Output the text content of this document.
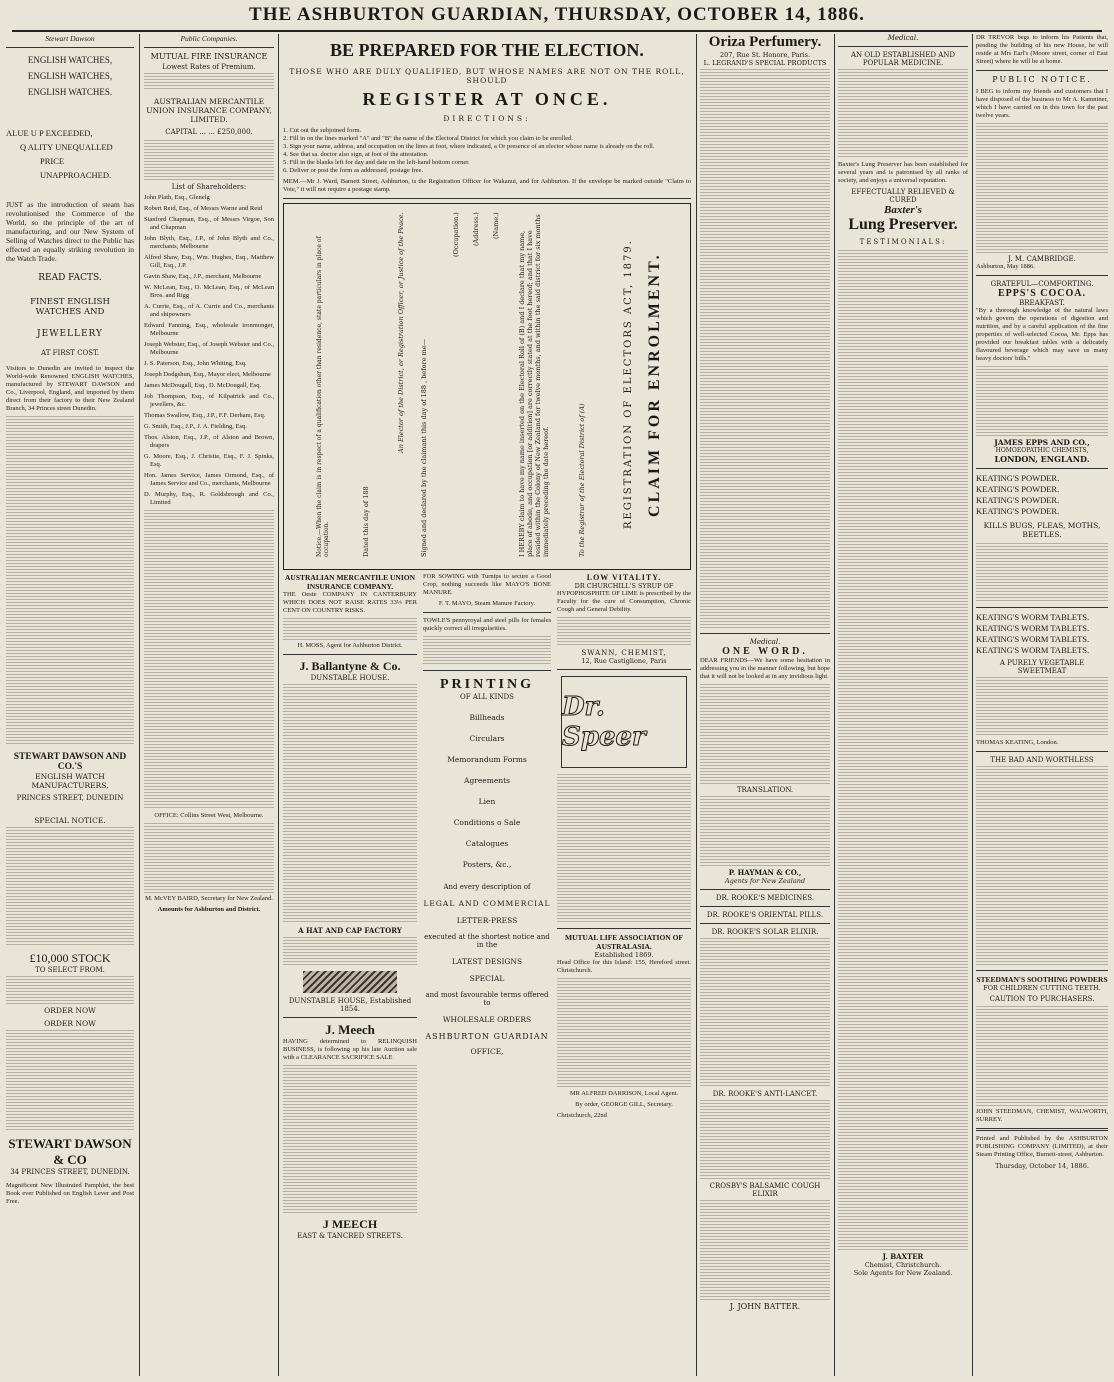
THE ASHBURTON GUARDIAN, THURSDAY, OCTOBER 14, 1886.
Stewart Dawson
ENGLISH WATCHES,
ENGLISH WATCHES,
ENGLISH WATCHES.
ALUE U P EXCEEDED,
Q ALITY UNEQUALLED
PRICE UNAPPROACHED.

JUST as the introduction of steam has revolutionised the Commerce of the World, so the principle of the art of manufacturing, and our New System of Selling of Watches direct to the Public has effected an equally striking revolution in the Watch Trade.

READ FACTS.
FINEST ENGLISH WATCHES AND
JEWELLERY
AT FIRST COST.

Visitors to Dunedin are invited to inspect the World-wide Renowned ENGLISH WATCHES, manufactured by STEWART DAWSON and Co., Liverpool, England, and imported by them direct from their factory to their New Zealand Branch, 34 Princes street Dunedin.

STEWART DAWSON AND CO.'S
ENGLISH WATCH MANUFACTURERS,
PRINCES STREET, DUNEDIN
SPECIAL NOTICE.
£10,000 STOCK
TO SELECT FROM.
ORDER NOW
ORDER NOW
STEWART DAWSON & CO
34 PRINCES STREET, DUNEDIN.

Magnificent New Illustrated Pamphlet, the best Book ever Published on English Lever and Post Free.

Public Companies.
MUTUAL FIRE INSURANCE
Lowest Rates of Premium.
AUSTRALIAN MERCANTILE UNION INSURANCE COMPANY, LIMITED.
CAPITAL ... ... £250,000.
List of Shareholders:
John Plath, Esq., Glenelg
Robert Reid, Esq., of Messrs Warne and Reid
Stanford Chapman, Esq., of Messrs Virgoe, Son and Chapman
John Blyth, Esq., J.P., of John Blyth and Co., merchants, Melbourne
Alfred Shaw, Esq., Wm. Hughes, Esq., Matthew Gill, Esq., J.P.
Gavin Shaw, Esq., J.P., merchant, Melbourne
W. McLean, Esq., O. McLean, Esq., of McLean Bros. and Rigg
A. Currie, Esq., of A. Currie and Co., merchants and shipowners
Edward Fanning, Esq., wholesale ironmonger, Melbourne
Joseph Webster, Esq., of Joseph Webster and Co., Melbourne
J. S. Paterson, Esq., John Whiting, Esq.
Joseph Dodgshun, Esq., Mayor elect, Melbourne
James McDougall, Esq., D. McDougall, Esq.
Job Thompson, Esq., of Kilpatrick and Co., jewellers, &c.
Thomas Swallow, Esq., J.P., F.F. Derham, Esq.
G. Smith, Esq., J.P., J. A. Fielding, Esq.
Thos. Alston, Esq., J.P., of Alston and Brown, drapers
G. Moore, Esq., J. Christie, Esq., F. J. Spinks, Esq.
Hon. James Service, James Ormond, Esq., of James Service and Co., merchants, Melbourne
D. Murphy, Esq., R. Goldsbrough and Co., Limited

OFFICE: Collins Street West, Melbourne.

M. McVEY BAIRD, Secretary for New Zealand.

Amounts for Ashburton and District.

BE PREPARED FOR THE ELECTION.
THOSE WHO ARE DULY QUALIFIED, BUT WHOSE NAMES ARE NOT ON THE ROLL, SHOULD
REGISTER AT ONCE.
DIRECTIONS:
1. Cut out the subjoined form.
2. Fill in on the lines marked "A" and "B" the name of the Electoral District for which you claim to be enrolled.
3. Sign your name, address, and occupation on the lines at foot, where indicated, a Or presence of an elector whose name is already on the roll.
4. See that sa. doctor also sign, at foot of the attestation.
5. Fill in the blanks left for day and date on the left-hand bottom corner.
6. Deliver or post the form as addressed, postage free.

MEM.—Mr J. Ward, Barnett Street, Ashburton, is the Registration Officer for Wakanui, and for Ashburton. If the envelope be marked outside "Claim to Vote," it will not require a postage stamp.

REGISTRATION OF ELECTORS ACT, 1879. CLAIM FOR ENROLMENT.
To the Registrar of the Electoral District of (A)
I HEREBY claim to have my name inserted on the Electoral Roll of (B) and I declare that my name, place of abode, and occupation [or addition] are correctly stated at the foot hereof; and that I have resided within the Colony of New Zealand for twelve months, and within the said district for six months immediately preceding the date hereof.
(Name.)
(Address.)
(Occupation.)
Signed and declared by the claimant this day of 188 , before me—
An Elector of the District, or Registration Officer, or Justice of the Peace.
Dated this day of 188
Notice.—When the claim is in respect of a qualification other than residence, state particulars in place of occupation.
AUSTRALIAN MERCANTILE UNION INSURANCE COMPANY.

THE Oeste COMPANY IN CANTERBURY WHICH DOES NOT RAISE RATES 33⅓ PER CENT ON COUNTRY RISKS.

H. MOSS, Agent for Ashburton District.

J. Ballantyne & Co.
DUNSTABLE HOUSE.
A HAT AND CAP FACTORY
DUNSTABLE HOUSE, Established 1854.
J. Meech

HAVING determined to RELINQUISH BUSINESS, is following up his late Auction sale with a CLEARANCE SACRIFICE SALE

J MEECH
EAST & TANCRED STREETS.

FOR SOWING with Turnips to secure a Good Crop, nothing succeeds like MAYO'S BONE MANURE.

F. T. MAYO, Steam Manure Factory.

TOWLE'S pennyroyal and steel pills for females quickly correct all irregularities.

PRINTING
OF ALL KINDS
Billheads
Circulars
Memorandum Forms
Agreements
Lien
Conditions o Sale
Catalogues
Posters, &c.,
And every description of
LEGAL AND COMMERCIAL
LETTER-PRESS
executed at the shortest notice and in the
LATEST DESIGNS
SPECIAL
and most favourable terms offered to
WHOLESALE ORDERS
ASHBURTON GUARDIAN
OFFICE,
LOW VITALITY.
DR CHURCHILL'S SYRUP OF

HYPOPHOSPHITE OF LIME is prescribed by the Faculty for the cure of Consumption, Chronic Cough and General Debility.

SWANN, CHEMIST,
12, Rue Castiglione, Paris
Dr. Speer
MUTUAL LIFE ASSOCIATION OF AUSTRALASIA.
Established 1869.

Head Office for this Island: 155, Hereford street. Christchurch.

MR ALFRED DARRISON, Local Agent.

By order, GEORGE GILL, Secretary.

Christchurch, 22nd

Oriza Perfumery.
207, Rue St. Honore, Paris.
L. LEGRAND'S SPECIAL PRODUCTS
Medical.
ONE WORD.

DEAR FRIENDS—We have some hesitation in addressing you in the manner following, but hope that it will not be looked at in any invidious light.

TRANSLATION.
P. HAYMAN & CO.,
Agents for New Zealand
DR. ROOKE'S MEDICINES.
DR. ROOKE'S ORIENTAL PILLS.
DR. ROOKE'S SOLAR ELIXIR.
DR. ROOKE'S ANTI-LANCET.
CROSBY'S BALSAMIC COUGH ELIXIR
J. JOHN BATTER.
Medical.
AN OLD ESTABLISHED AND POPULAR MEDICINE.

Baxter's Lung Preserver has been established for several years and is patronised by all ranks of society, and enjoys a universal reputation.

EFFECTUALLY RELIEVED & CURED
Baxter's
Lung Preserver.
TESTIMONIALS:
J. BAXTER
Chemist, Christchurch.
Sole Agents for New Zealand.

DR TREVOR begs to inform his Patients that, pending the building of his new House, he will reside at Mrs Earl's (Moore street, corner of East Street) where he will be at home.

PUBLIC NOTICE.

I BEG to inform my friends and customers that I have disposed of the business to Mr A. Kamniner, which I have carried on in this town for the past twelve years.

J. M. CAMBRIDGE.
Ashburton, May 1886.
GRATEFUL—COMFORTING.
EPPS'S COCOA.
BREAKFAST.

"By a thorough knowledge of the natural laws which govern the operations of digestion and nutrition, and by a careful application of the fine properties of well-selected Cocoa, Mr. Epps has provided our breakfast tables with a delicately flavoured beverage which may save us many heavy doctors' bills."

JAMES EPPS AND CO.,
HOMOEOPATHIC CHEMISTS,
LONDON, ENGLAND.
KEATING'S POWDER.
KEATING'S POWDER.
KEATING'S POWDER.
KEATING'S POWDER.
KILLS BUGS, FLEAS, MOTHS, BEETLES.
KEATING'S WORM TABLETS.
KEATING'S WORM TABLETS.
KEATING'S WORM TABLETS.
KEATING'S WORM TABLETS.
A PURELY VEGETABLE SWEETMEAT
THOMAS KEATING, London.
THE BAD AND WORTHLESS
STEEDMAN'S SOOTHING POWDERS
FOR CHILDREN CUTTING TEETH.
CAUTION TO PURCHASERS.
JOHN STEEDMAN, CHEMIST, WALWORTH, SURREY.

Printed and Published by the ASHBURTON PUBLISHING COMPANY (LIMITED), at their Steam Printing Office, Burnett-street, Ashburton.

Thursday, October 14, 1886.
